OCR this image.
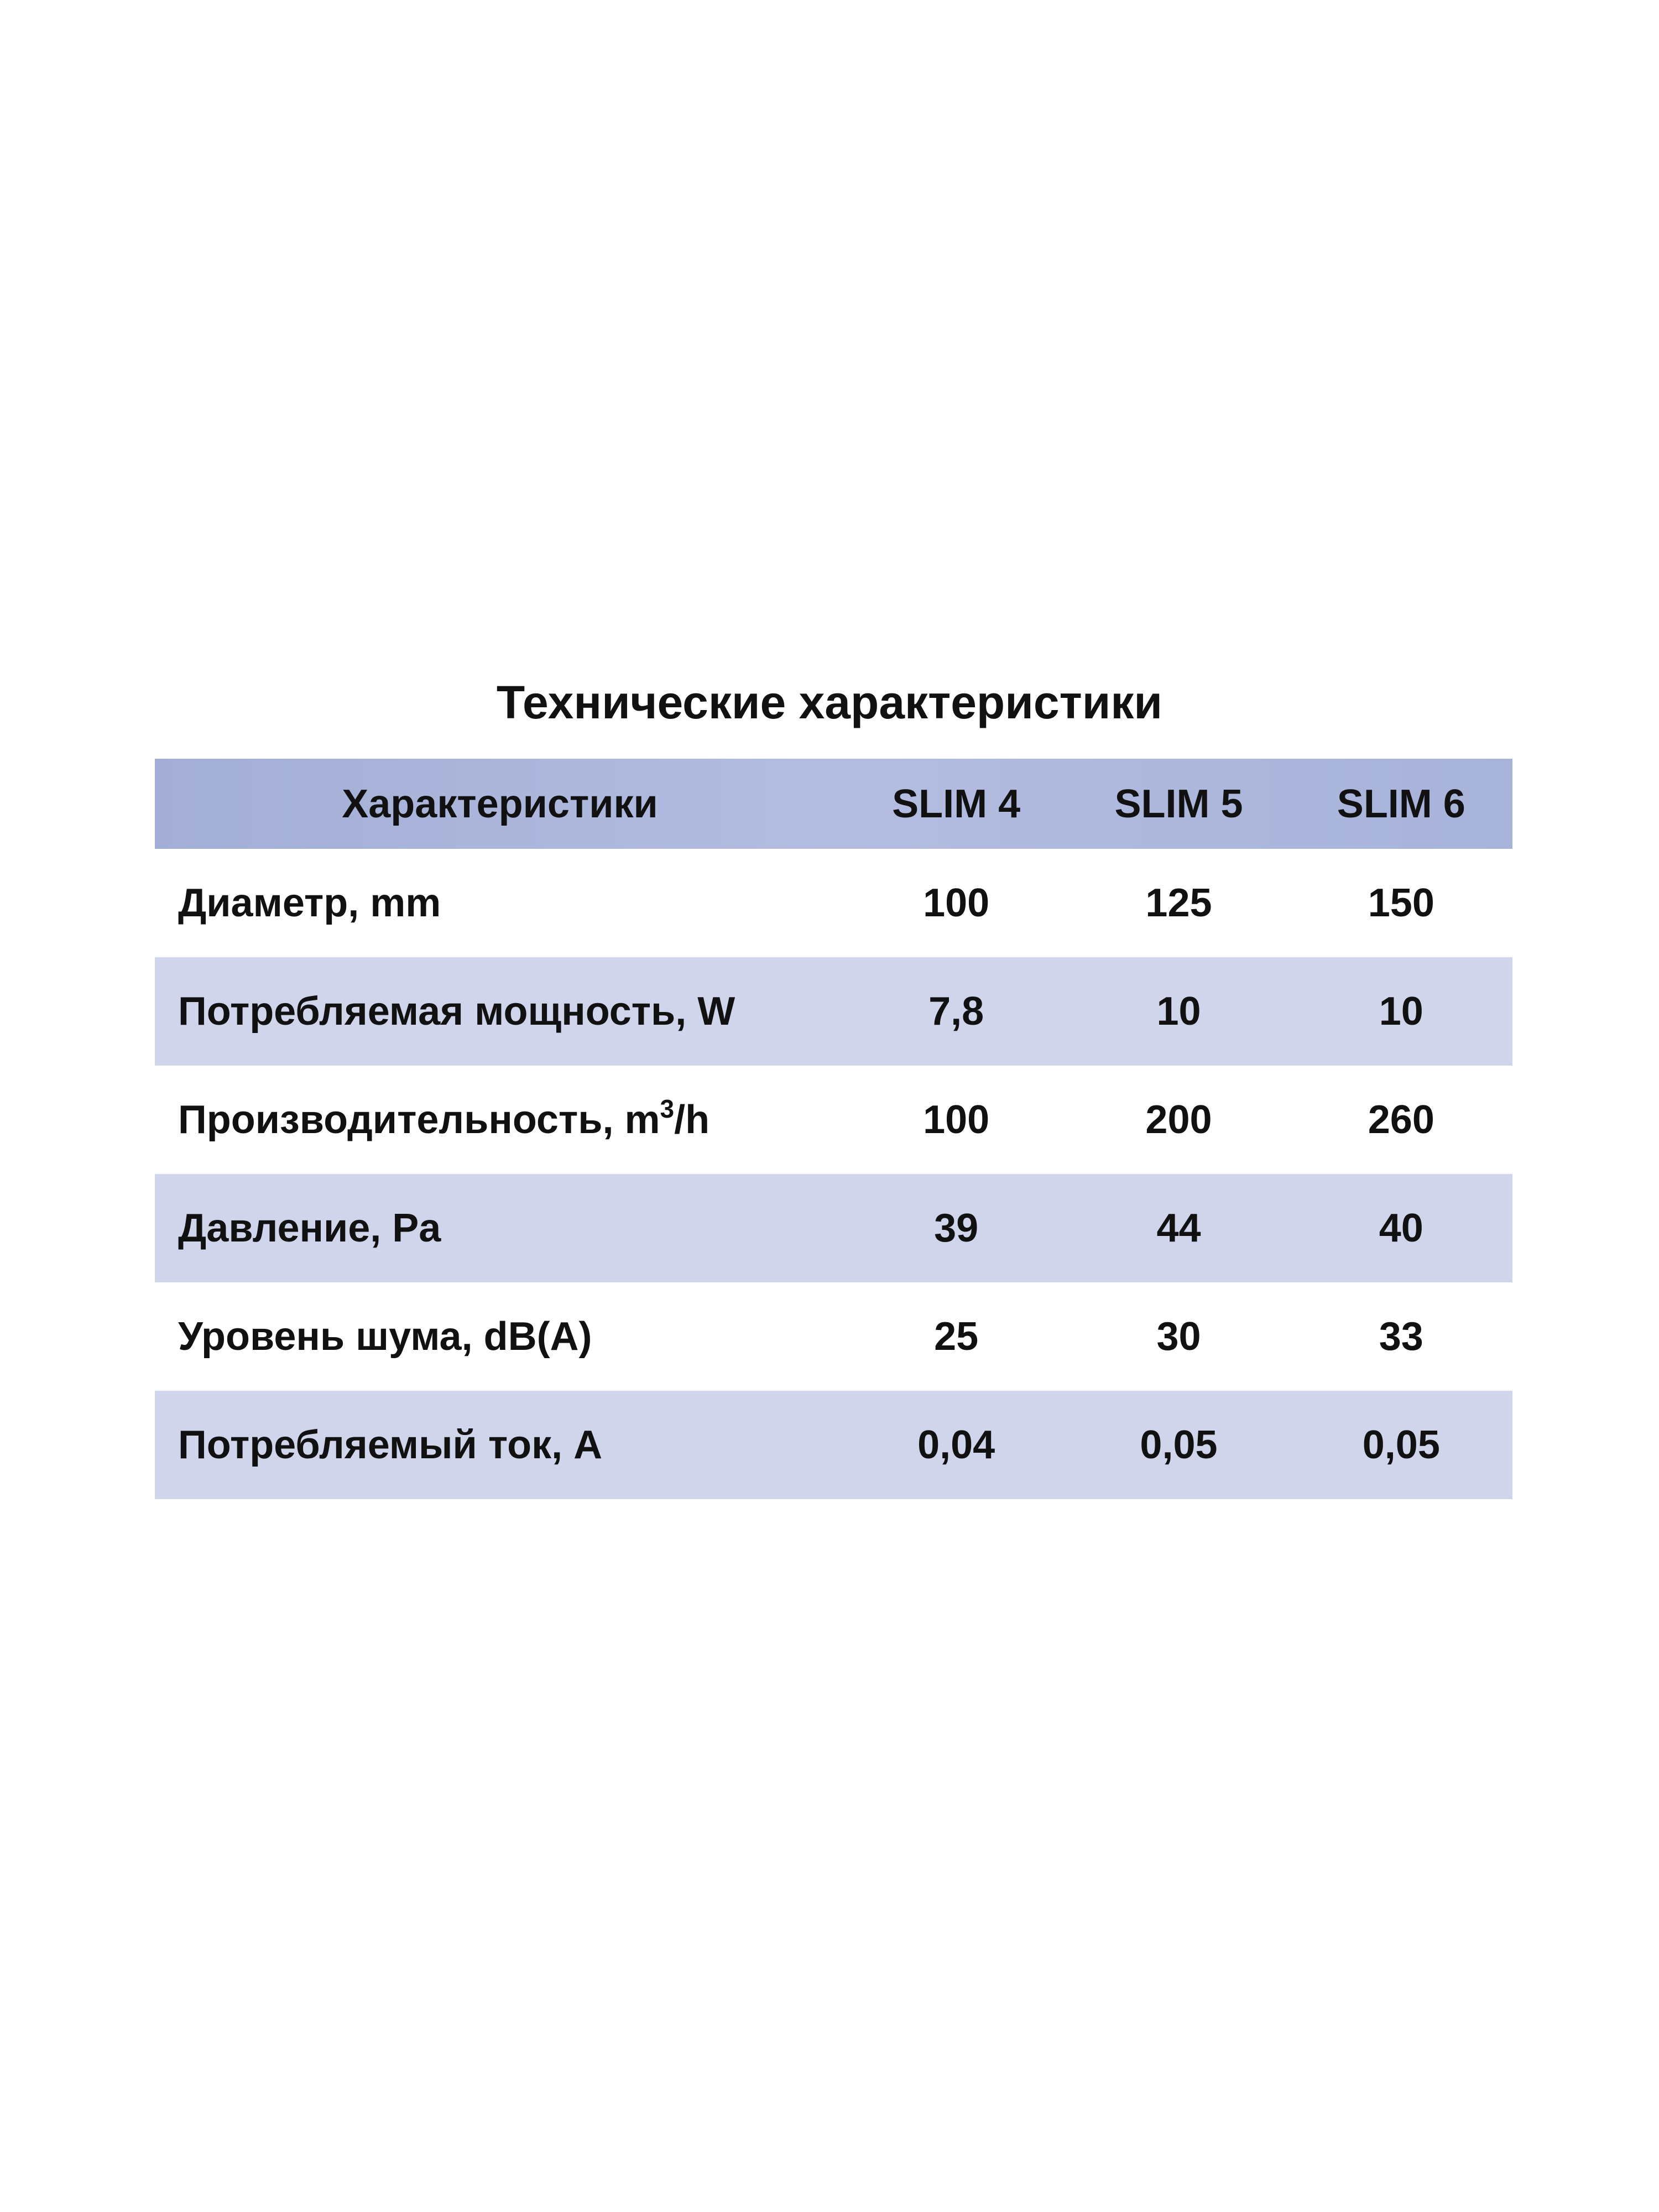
Технические характеристики
Характеристики	SLIM 4	SLIM 5	SLIM 6
Диаметр, mm	100	125	150
Потребляемая мощность, W	7,8	10	10
Производительность, $m^3/h$	100	200	260
Давление, Pa	39	44	40
Уровень шума, dB(A)	25	30	33
Потребляемый ток, A	0,04	0,05	0,05
